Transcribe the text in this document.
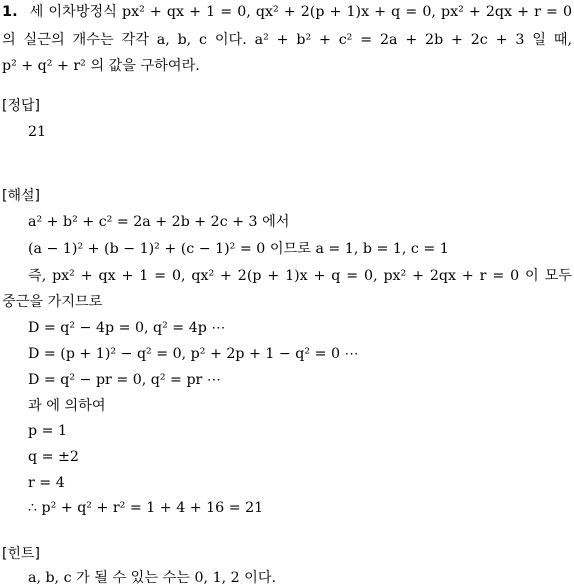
1. 세 이차방정식 px² + qx + 1 = 0, qx² + 2(p + 1)x + q = 0, px² + 2qx + r = 0
의 실근의 개수는 각각 a, b, c 이다. a² + b² + c² = 2a + 2b + 2c + 3 일 때,
p² + q² + r² 의 값을 구하여라.
[정답]
21
[해설]
a² + b² + c² = 2a + 2b + 2c + 3 에서
(a − 1)² + (b − 1)² + (c − 1)² = 0 이므로 a = 1, b = 1, c = 1
즉, px² + qx + 1 = 0, qx² + 2(p + 1)x + q = 0, px² + 2qx + r = 0 이 모두
중근을 가지므로
D = q² − 4p = 0, q² = 4p ⋯
D = (p + 1)² − q² = 0, p² + 2p + 1 − q² = 0 ⋯
D = q² − pr = 0, q² = pr ⋯
과 에 의하여
p = 1
q = ±2
r = 4
∴ p² + q² + r² = 1 + 4 + 16 = 21
[힌트]
a, b, c 가 될 수 있는 수는 0, 1, 2 이다.
